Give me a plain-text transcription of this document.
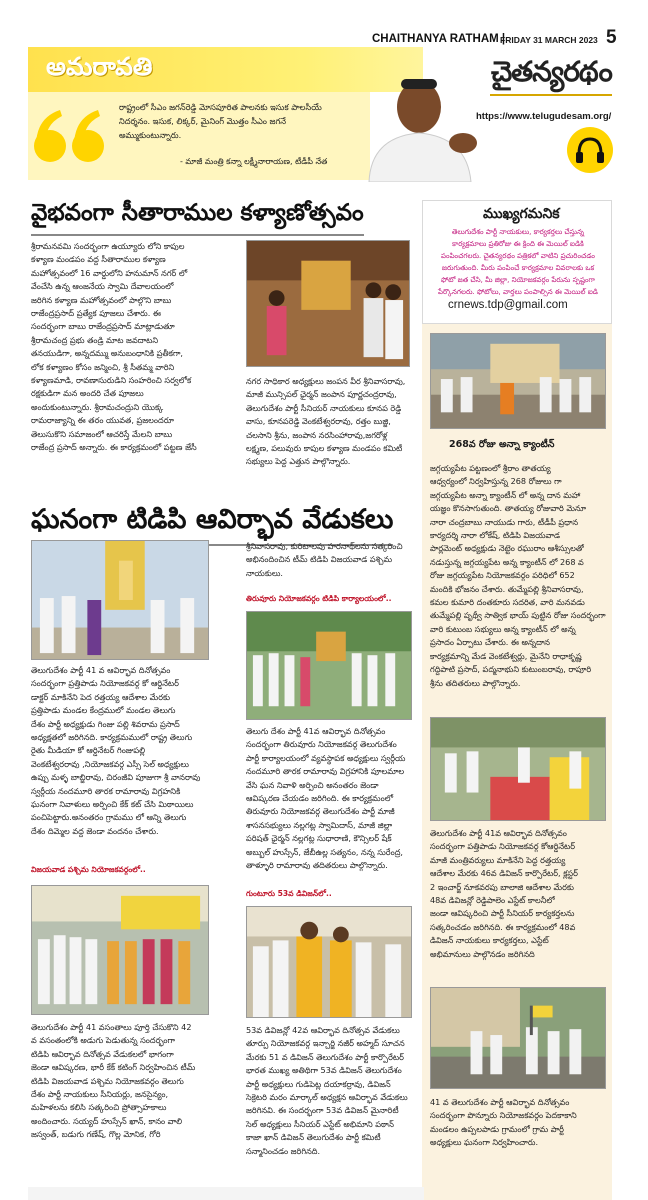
అమరావతి
CHAITHANYA RATHAM |
FRIDAY 31 MARCH 2023 5
చైతన్యరథం
https://www.telugudesam.org/
రాష్ట్రంలో సీఎం జగన్‌రెడ్డి మోసపూరిత పాలనకు ఇసుక పాలసీయే
నిదర్శనం. ఇసుక, లిక్కర్, మైనింగ్ మొత్తం సీఎం జగనే
అమ్ముకుంటున్నారు.
- మాజీ మంత్రి కన్నా లక్ష్మీనారాయణ, టీడీపీ నేత
వైభవంగా సీతారాముల కళ్యాణోత్సవం
శ్రీరామనవమి సందర్భంగా ఉయ్యూరు లోని కాపుల
కళ్యాణ మండపం వద్ద సీతారాముల కళ్యాణ
మహోత్సవంలో 16 వార్డులోని హనుమాన్ నగర్ లో
వేంచేసి ఉన్న ఆంజనేయ స్వామి దేవాలయంలో
జరిగిన కళ్యాణ మహోత్సవంలో పాల్గొని బాబు
రాజేంద్రప్రసాద్ ప్రత్యేక పూజలు చేశారు. ఈ
సందర్భంగా బాబు రాజేంద్రప్రసాద్ మాట్లాడుతూ
శ్రీరామచంద్ర ప్రభు తండ్రి మాట జవదాటని
తనయుడిగా, అన్నదమ్ము అనుబంధానికి ప్రతీకగా,
లోక కళ్యాణం కోసం జన్మించి, శ్రీ సీతమ్మ వారిని
కళ్యాణమాడి, రావణాసురుడిని సంహరించి సర్వలోక
రక్షకుడిగా మన అందరి చేత పూజలు
అందుకుంటున్నారు. శ్రీరామచంద్రుని యొక్క
రామరాజ్యాన్ని ఈ తరం యువత, ప్రజలందరూ
తెలుసుకొని సమాజంలో ఆచరిస్తే మేలని బాబు
రాజేంద్ర ప్రసాద్ అన్నారు. ఈ కార్యక్రమంలో పట్టణ జేసీ
నగర సాధికార అధ్యక్షులు జంపన వీర శ్రీనివాసరావు,
మాజీ మున్సిపల్ ఛైర్మన్ జంపాన పూర్ణచంద్రరావు,
తెలుగుదేశం పార్టీ సీనియర్ నాయకులు కూనప రెడ్డి
వాసు, కూనపరెడ్డి వెంకటేశ్వరరావు, రత్తం బుజ్జి,
చలసాని శ్రీను, జంపాన నరసింహారావు,జగరోళ్ల
లక్ష్మణ, పలువురు కాపుల కళ్యాణ మండపం కమిటీ
సభ్యులు పెద్ద ఎత్తున పాల్గొన్నారు.
ముఖ్యగమనిక
తెలుగుదేశం పార్టీ నాయకులు, కార్యకర్తలు చేస్తున్న
కార్యక్రమాలు ప్రతిరోజు ఈ క్రింది ఈ మెయిల్ ఐడికి
పంపించగలరు. చైతన్యరథం పత్రికలో వాటిని ప్రచురించడం
జరుగుతుంది. మీరు పంపించే కార్యక్రమాల వివరాలకు ఒక
ఫోటో జత చేసి, మీ జిల్లా, నియోజకవర్గం పేరును స్పష్టంగా
పేర్కొనగలరు. ఫోటోలు, వార్తలు పంపాల్సిన ఈ మెయిల్ ఐడి
crnews.tdp@gmail.com
268వ రోజు అన్నా క్యాంటీన్
జగ్గయ్యపేట పట్టణంలో శ్రీరాం తాతయ్య
ఆధ్వర్యంలో నిర్వహిస్తున్న 268 రోజులు గా
జగ్గయ్యపేట అన్నా క్యాంటీన్ లో అన్న దాన మహా
యజ్ఞం కొనసాగుతుంది. తాతయ్య రోజువారి మెనూ
నారా చంద్రబాబు నాయుడు గారు, టీడీపీ ప్రధాన
కార్యదర్శి నారా లోకేష్, టిడిపి విజయవాడ
పార్లమెంట్ అధ్యక్షుడు నెట్టెం రఘురాం ఆశీస్సులతో
నడుస్తున్న జగ్గయ్యపేట అన్న క్యాంటీన్ లో 268 వ
రోజు జగ్గయ్యపేట నియోజకవర్గం పరిధిలో 652
మందికి భోజనం చేశారు. తుమ్మేపల్లి శ్రీనివాసరావు,
కమల కుమారి దంతకూరు సదరిత, వారి మనవడు
తుమ్మేపల్లి పృథ్వీ సాత్విక భాయ్ పుట్టిన రోజు సందర్భంగా
వారి కుటుంబ సభ్యులు అన్న క్యాంటీన్ లో అన్న
ప్రసాదం ఏర్పాటు చేశారు. ఈ అన్నదాన
కార్యక్రమాన్ని మేడ వెంకటేశ్వర్లు, మైనేని రాధాకృష్ణ
గద్దిపాటి ప్రసాద్, పద్మనాభుని కుటుంబరావు, రాపూరి
శ్రీను తదితరులు పాల్గొన్నారు.
తెలుగుదేశం పార్టీ 41వ ఆవిర్భావ దినోత్సవం
సందర్భంగా పత్తిపాడు నియోజకవర్గ కోఆర్డినేటర్
మాజీ మంత్రివర్యులు మాకినేని పెద్ద రత్తయ్య
ఆదేశాల మేరకు 46వ డివిజన్ కార్పొరేటర్, క్లస్టర్
2 ఇంచార్జ్ నూకవరపు బాలాజి ఆదేశాల మేరకు
48వ డివిజన్లో రెడ్డిపాలెం ఎస్టేట్ కాలనీలో
జండా ఆవిష్కరించి పార్టీ సీనియర్ కార్యకర్తలను
సత్కరించడం జరిగినది. ఈ కార్యక్రమంలో 48వ
డివిజన్ నాయకులు కార్యకర్తలు, ఎస్టేట్
అభిమానులు పాల్గొనడం జరిగినది
41 వ తెలుగుదేశం పార్టీ ఆవిర్భావ దినోత్సవం
సందర్భంగా పొన్నూరు నియోజకవర్గం పెదకాకాని
మండలం ఉప్పలపాడు గ్రామంలో గ్రామ పార్టీ
అధ్యక్షులు ఘనంగా నిర్వహించారు.
ఘనంగా టిడిపి ఆవిర్భావ వేడుకలు
శ్రీనివాసరావు, కురిటాలపు హరనాథ్‌లను సత్కరించి
అభినందించిన టీమ్ టిడిపి విజయవాడ పశ్చిమ
నాయకులు.
తిరువూరు నియోజకవర్గం టిడిపి కార్యాలయంలో..
తెలుగుదేశం పార్టీ 41 వ ఆవిర్భావ దినోత్సవం
సందర్భంగా ప్రత్తిపాడు నియోజకవర్గ కో ఆర్డినేటర్
డాక్టర్ మాకినేని పెద రత్తయ్య ఆదేశాల మేరకు
ప్రత్తిపాడు మండల కేంద్రములో మండల తెలుగు
దేశం పార్టీ అధ్యక్షుడు గింజు పల్లి శివరామ ప్రసాద్
అధ్యక్షతలో జరిగినది. కార్యక్రమములో రాష్ట్ర తెలుగు
రైతు మీడియా కో ఆర్డినేటర్ గింజుపల్లి
వెంకటేశ్వరరావు ,నియోజకవర్గ ఎస్సీ సెల్ అధ్యక్షులు
ఉప్పు మళ్ళ బాబ్జిరావు, చిరంజీవి పూజుగా శ్రీ వానరావు
స్వర్గీయ నందమూరి తారక రామారావు విగ్రహనికి
ఘనంగా నివాళులు అర్పించి కేక్ కట్ చేసి మిఠాయిలు
పంచిపెట్టారు.అనంతరం గ్రామము లో ఆన్ని తెలుగు
దేశం దిమ్మెల వద్ద జెండా వందనం చేశారు.
తెలుగు దేశం పార్టీ 41వ ఆవిర్భావ దినోత్సవం
సందర్భంగా తిరువూరు నియోజకవర్గ తెలుగుదేశం
పార్టీ కార్యాలయంలో వ్యవస్థాపక అధ్యక్షులు స్వర్గీయ
నందమూరి తారక రామారావు విగ్రహానికి పూలమాల
వేసి ఘన నివాళి అర్పించి అనంతరం జెండా
ఆవిష్కరణ చేయడం జరిగింది. ఈ కార్యక్రమంలో
తిరువూరు నియోజకవర్గ తెలుగుదేశం పార్టీ మాజీ
శాసనసభ్యులు నల్లగట్ల స్వామిదాస్, మాజీ జిల్లా
పరిషత్ ఛైర్మన్ నల్లగట్ల సుధారాణి, కౌన్సిలర్ షేక్
అబ్బుల్ హుస్సేన్, జేబీఉల్ల సత్యనం, నన్న సురేంద్ర,
తాళ్ళూరి రామారావు తదితరులు పాల్గొన్నారు.
విజయవాడ పశ్చిమ నియోజకవర్గంలో..
తెలుగుదేశం పార్టీ 41 వసంతాలు పూర్తి చేసుకొని 42
వ వసంతంలోకి అడుగు పెడుతున్న సందర్భంగా
టిడిపి ఆవిర్భావ దినోత్సవ వేడుకలలో భాగంగా
జెండా ఆవిష్కరణ, భారీ కేక్ కటింగ్ నిర్వహించిన టీమ్
టిడిపి విజయవాడ పశ్చిమ నియోజకవర్గం తెలుగు
దేశం పార్టీ నాయకులు సీనియర్లు, జనసైన్యం,
మహిళలను కలిసి సత్కరించి ప్రోత్సాహకాలు
అందించారు. సయ్యద్ హుస్సేన్ ఖాన్, కానం వాలి
జస్వంత్, బడుగు గణేష్, గొల్ల మోనిక, గోరి
గుంటూరు 53వ డివిజన్‌లో..
53వ డివిజన్లో 42వ ఆవిర్భావ దినోత్సవ వేడుకలు
తూర్పు నియోజకవర్గ ఇన్చార్జి నజీర్ అహ్మద్ సూచన
మేరకు 51 వ డివిజన్ తెలుగుదేశం పార్టీ కార్పొరేటర్
భారత ముఖ్య అతిథిగా 53వ డివిజన్ తెలుగుదేశం
పార్టీ అధ్యక్షులు గుడిపెట్ల దయాకర్రావు, డివిజన్
సెక్రెటరి మరం మార్కాల్ అధ్యక్షన ఆవిర్భావ వేడుకలు
జరిగినవి. ఈ సందర్భంగా 53వ డివిజన్ మైనారిటీ
సెల్ అధ్యక్షులు సీనియర్ ఎస్టేట్ అభిమాని పఠాన్
కాజా ఖాన్ డివిజన్ తెలుగుదేశం పార్టీ కమిటీ
సన్మానించడం జరిగినది.
